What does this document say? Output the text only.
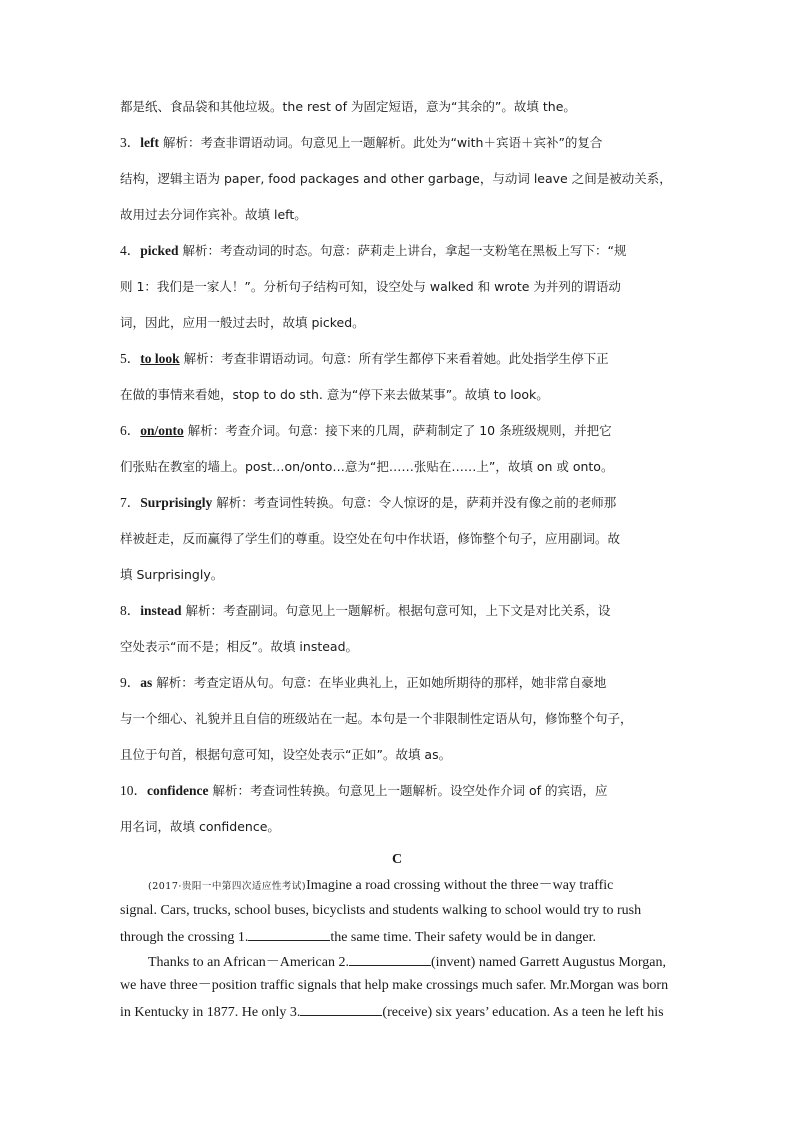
都是纸、食品袋和其他垃圾。the rest of 为固定短语，意为“其余的”。故填 the。
3．left 解析：考查非谓语动词。句意见上一题解析。此处为“with＋宾语＋宾补”的复合
结构，逻辑主语为 paper, food packages and other garbage，与动词 leave 之间是被动关系，
故用过去分词作宾补。故填 left。
4．picked 解析：考查动词的时态。句意：萨莉走上讲台，拿起一支粉笔在黑板上写下：“规
则 1：我们是一家人！”。分析句子结构可知，设空处与 walked 和 wrote 为并列的谓语动
词，因此，应用一般过去时，故填 picked。
5．to look 解析：考查非谓语动词。句意：所有学生都停下来看着她。此处指学生停下正
在做的事情来看她，stop to do sth. 意为“停下来去做某事”。故填 to look。
6．on/onto 解析：考查介词。句意：接下来的几周，萨莉制定了 10 条班级规则，并把它
们张贴在教室的墙上。post…on/onto…意为“把……张贴在……上”，故填 on 或 onto。
7．Surprisingly 解析：考查词性转换。句意：令人惊讶的是，萨莉并没有像之前的老师那
样被赶走，反而赢得了学生们的尊重。设空处在句中作状语，修饰整个句子，应用副词。故
填 Surprisingly。
8．instead 解析：考查副词。句意见上一题解析。根据句意可知，上下文是对比关系，设
空处表示“而不是；相反”。故填 instead。
9．as 解析：考查定语从句。句意：在毕业典礼上，正如她所期待的那样，她非常自豪地
与一个细心、礼貌并且自信的班级站在一起。本句是一个非限制性定语从句，修饰整个句子，
且位于句首，根据句意可知，设空处表示“正如”。故填 as。
10．confidence 解析：考查词性转换。句意见上一题解析。设空处作介词 of 的宾语，应
用名词，故填 confidence。
C
(2017·贵阳一中第四次适应性考试)Imagine a road crossing without the three－way traffic
signal. Cars, trucks, school buses, bicyclists and students walking to school would try to rush
through the crossing 1.	the same time. Their safety would be in danger.
Thanks to an African－American 2.	(invent) named Garrett Augustus Morgan,
we have three－position traffic signals that help make crossings much safer. Mr.Morgan was born
in Kentucky in 1877. He only 3.	(receive) six years’ education. As a teen he left his
